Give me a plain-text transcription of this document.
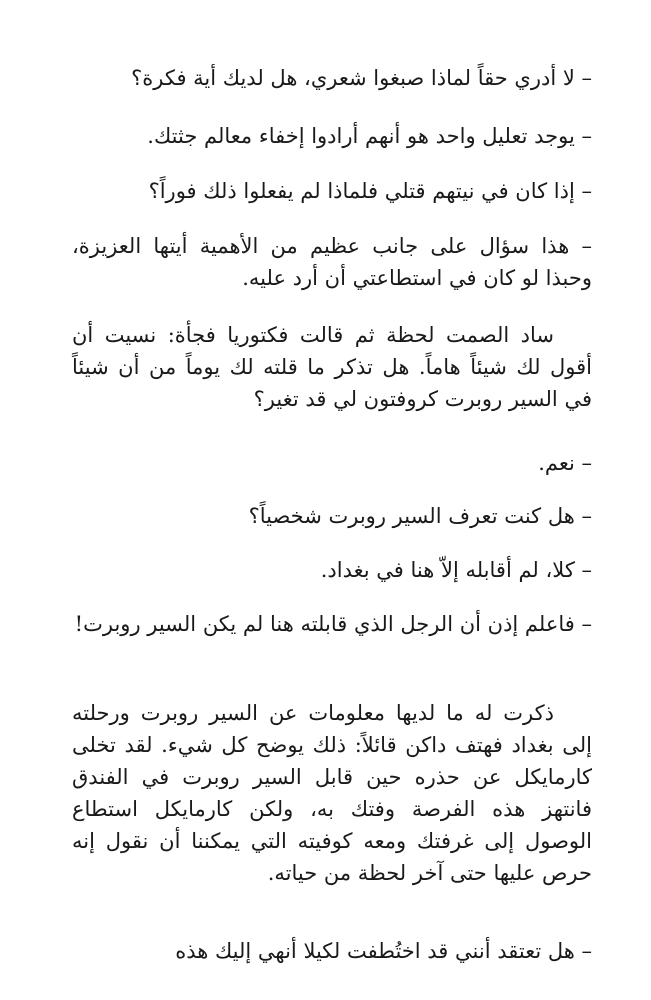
– لا أدري حقاً لماذا صبغوا شعري، هل لديك أية فكرة؟

– يوجد تعليل واحد هو أنهم أرادوا إخفاء معالم جثتك.

– إذا كان في نيتهم قتلي فلماذا لم يفعلوا ذلك فوراً؟

– هذا سؤال على جانب عظيم من الأهمية أيتها العزيزة، وحبذا لو كان في استطاعتي أن أرد عليه.

ساد الصمت لحظة ثم قالت فكتوريا فجأة: نسيت أن أقول لك شيئاً هاماً. هل تذكر ما قلته لك يوماً من أن شيئاً في السير روبرت كروفتون لي قد تغير؟

– نعم.

– هل كنت تعرف السير روبرت شخصياً؟

– كلا، لم أقابله إلاّ هنا في بغداد.

– فاعلم إذن أن الرجل الذي قابلته هنا لم يكن السير روبرت!

ذكرت له ما لديها معلومات عن السير روبرت ورحلته إلى بغداد فهتف داكن قائلاً: ذلك يوضح كل شيء. لقد تخلى كارمايكل عن حذره حين قابل السير روبرت في الفندق فانتهز هذه الفرصة وفتك به، ولكن كارمايكل استطاع الوصول إلى غرفتك ومعه كوفيته التي يمكننا أن نقول إنه حرص عليها حتى آخر لحظة من حياته.

– هل تعتقد أنني قد اختُطفت لكيلا أنهي إليك هذه
